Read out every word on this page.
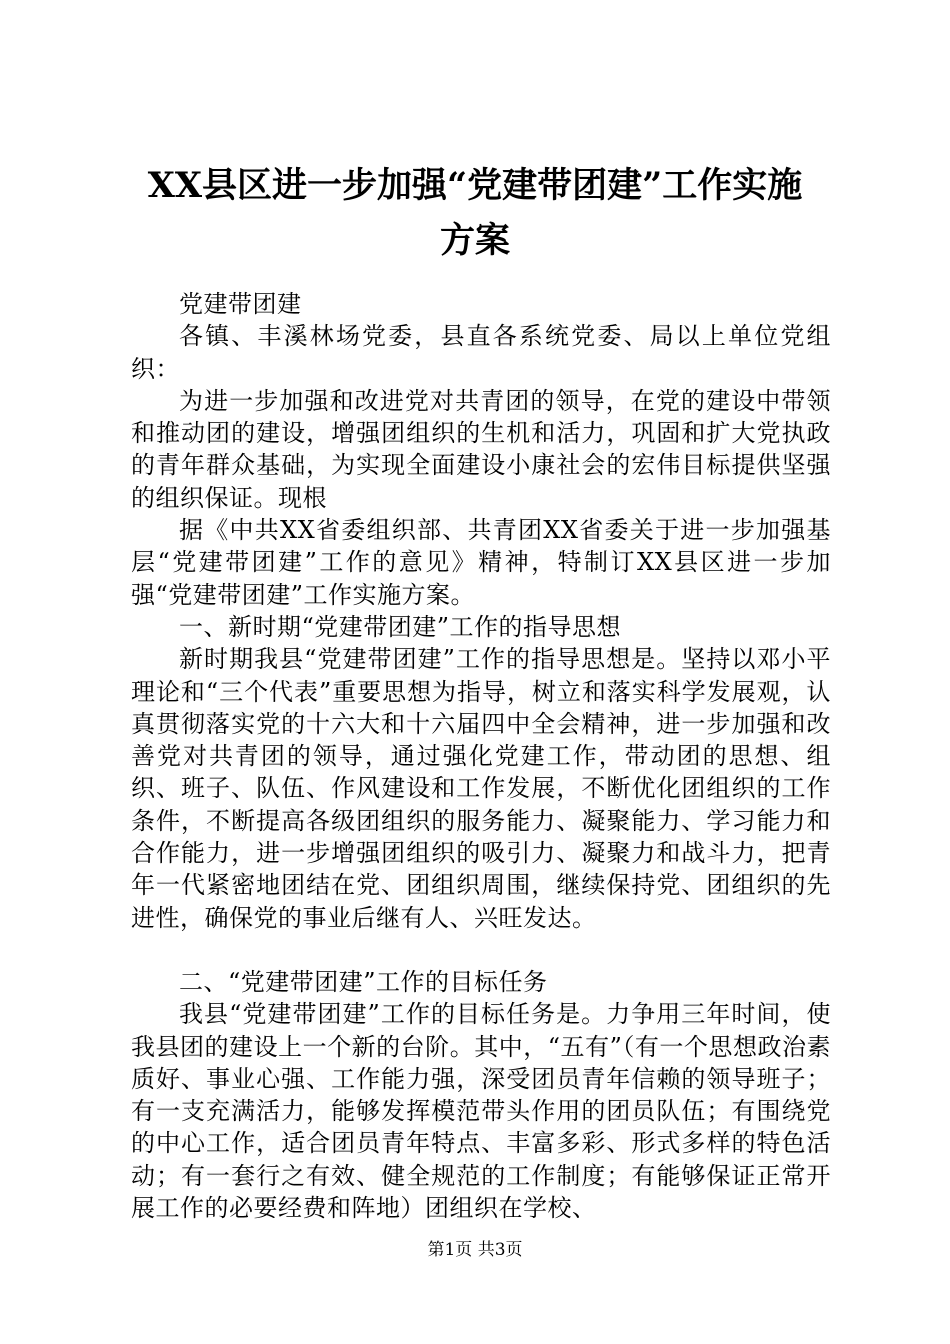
XX县区进一步加强“党建带团建”工作实施
方案

党建带团建

各镇、丰溪林场党委，县直各系统党委、局以上单位党组织：

为进一步加强和改进党对共青团的领导，在党的建设中带领和推动团的建设，增强团组织的生机和活力，巩固和扩大党执政的青年群众基础，为实现全面建设小康社会的宏伟目标提供坚强的组织保证。现根

据《中共XX省委组织部、共青团XX省委关于进一步加强基层“党建带团建”工作的意见》精神，特制订XX县区进一步加强“党建带团建”工作实施方案。

一、新时期“党建带团建”工作的指导思想

新时期我县“党建带团建”工作的指导思想是。坚持以邓小平理论和“三个代表”重要思想为指导，树立和落实科学发展观，认真贯彻落实党的十六大和十六届四中全会精神，进一步加强和改善党对共青团的领导，通过强化党建工作，带动团的思想、组织、班子、队伍、作风建设和工作发展，不断优化团组织的工作条件，不断提高各级团组织的服务能力、凝聚能力、学习能力和合作能力，进一步增强团组织的吸引力、凝聚力和战斗力，把青年一代紧密地团结在党、团组织周围，继续保持党、团组织的先进性，确保党的事业后继有人、兴旺发达。

二、“党建带团建”工作的目标任务

我县“党建带团建”工作的目标任务是。力争用三年时间，使我县团的建设上一个新的台阶。其中，“五有”（有一个思想政治素质好、事业心强、工作能力强，深受团员青年信赖的领导班子；有一支充满活力，能够发挥模范带头作用的团员队伍；有围绕党的中心工作，适合团员青年特点、丰富多彩、形式多样的特色活动；有一套行之有效、健全规范的工作制度；有能够保证正常开展工作的必要经费和阵地）团组织在学校、

第1页 共3页
